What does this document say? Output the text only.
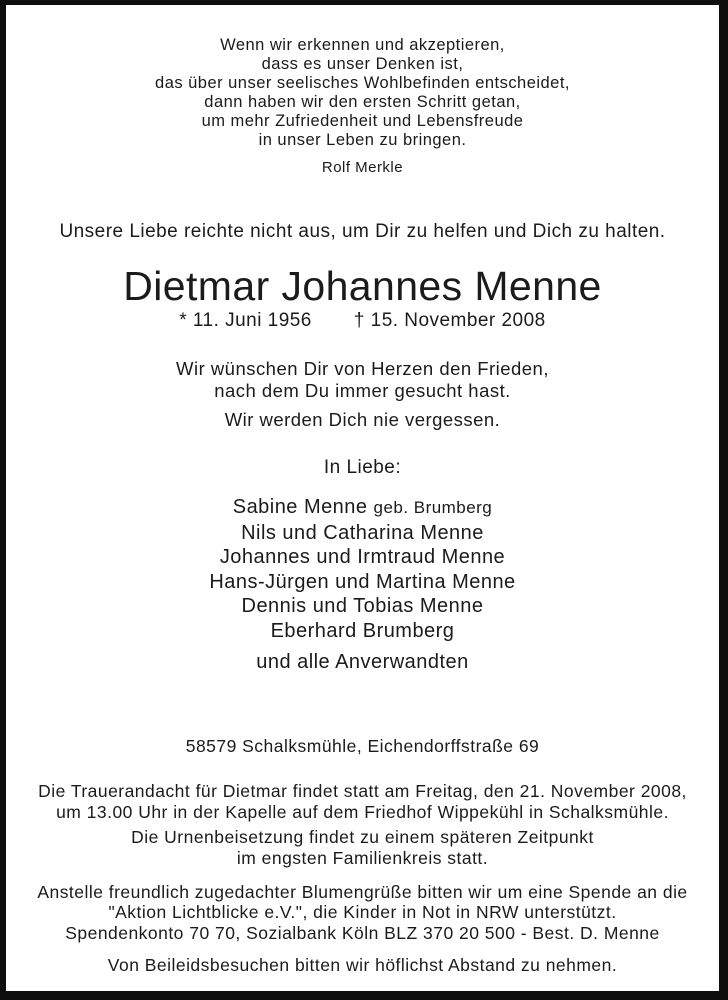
Wenn wir erkennen und akzeptieren,
dass es unser Denken ist,
das über unser seelisches Wohlbefinden entscheidet,
dann haben wir den ersten Schritt getan,
um mehr Zufriedenheit und Lebensfreude
in unser Leben zu bringen.
Rolf Merkle
Unsere Liebe reichte nicht aus, um Dir zu helfen und Dich zu halten.
Dietmar Johannes Menne
* 11. Juni 1956 † 15. November 2008
Wir wünschen Dir von Herzen den Frieden,
nach dem Du immer gesucht hast.
Wir werden Dich nie vergessen.
In Liebe:
Sabine Menne geb. Brumberg
Nils und Catharina Menne
Johannes und Irmtraud Menne
Hans-Jürgen und Martina Menne
Dennis und Tobias Menne
Eberhard Brumberg
und alle Anverwandten
58579 Schalksmühle, Eichendorffstraße 69
Die Trauerandacht für Dietmar findet statt am Freitag, den 21. November 2008,
um 13.00 Uhr in der Kapelle auf dem Friedhof Wippekühl in Schalksmühle.
Die Urnenbeisetzung findet zu einem späteren Zeitpunkt
im engsten Familienkreis statt.
Anstelle freundlich zugedachter Blumengrüße bitten wir um eine Spende an die
"Aktion Lichtblicke e.V.", die Kinder in Not in NRW unterstützt.
Spendenkonto 70 70, Sozialbank Köln BLZ 370 20 500 - Best. D. Menne
Von Beileidsbesuchen bitten wir höflichst Abstand zu nehmen.
